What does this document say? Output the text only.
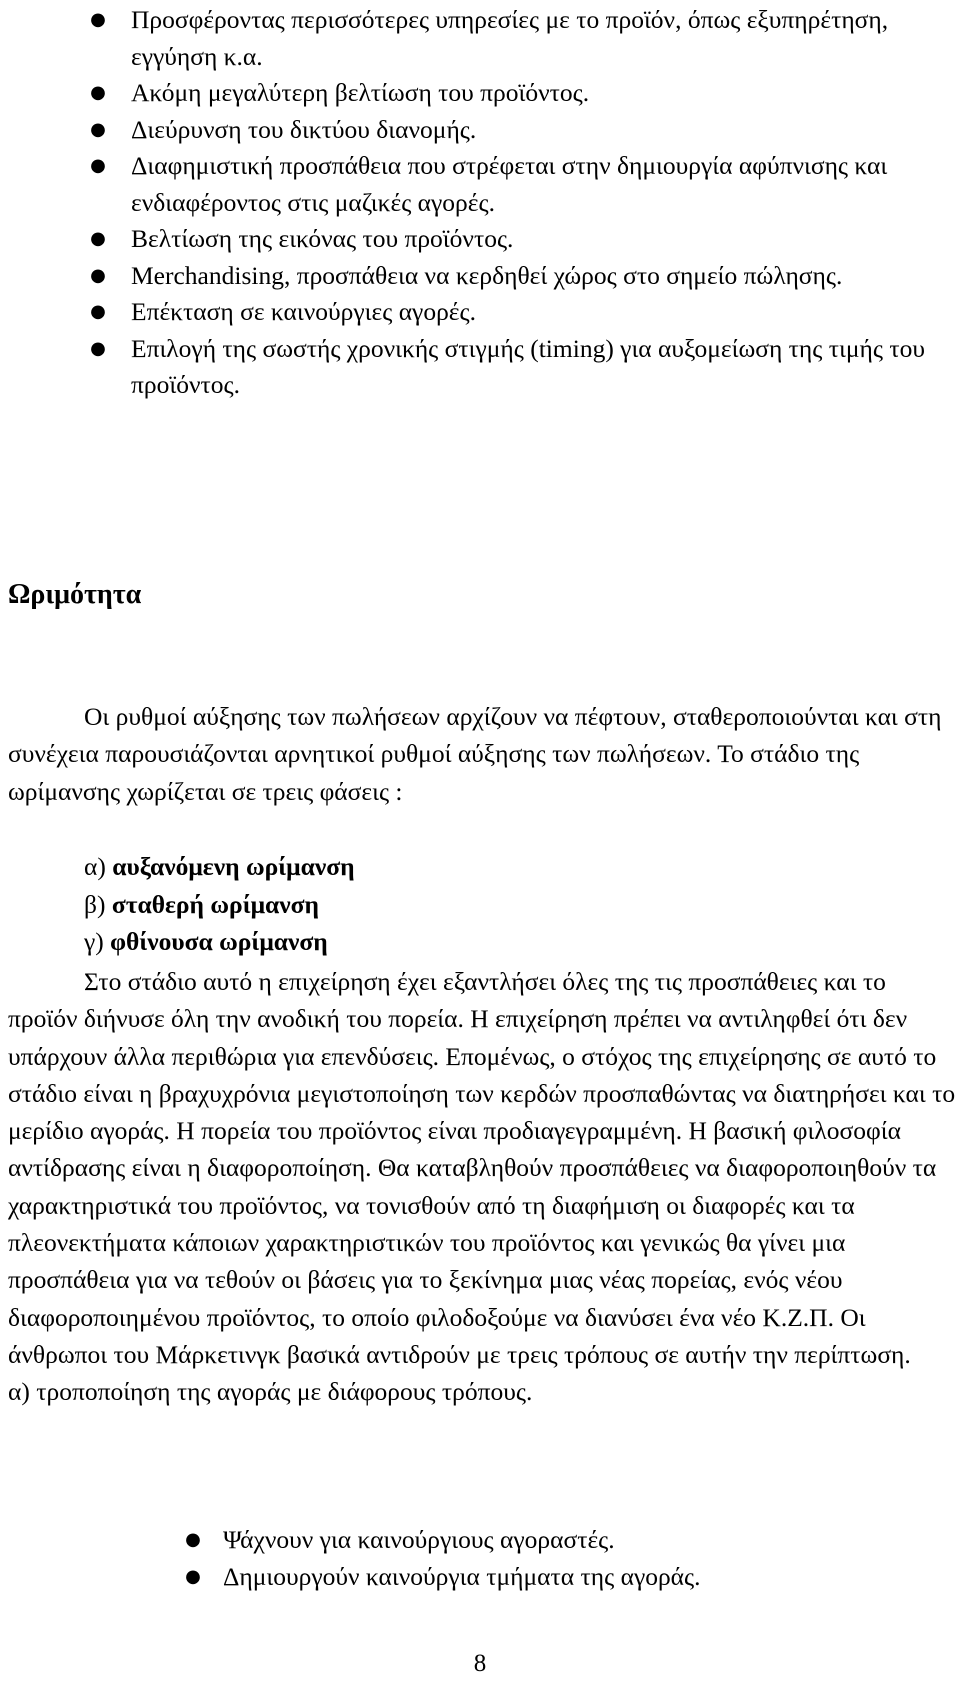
● Προσφέροντας περισσότερες υπηρεσίες με το προϊόν, όπως εξυπηρέτηση, εγγύηση κ.α.
● Ακόμη μεγαλύτερη βελτίωση του προϊόντος.
● Διεύρυνση του δικτύου διανομής.
● Διαφημιστική προσπάθεια που στρέφεται στην δημιουργία αφύπνισης και ενδιαφέροντος στις μαζικές αγορές.
● Βελτίωση της εικόνας του προϊόντος.
● Merchandising, προσπάθεια να κερδηθεί χώρος στο σημείο πώλησης.
● Επέκταση σε καινούργιες αγορές.
● Επιλογή της σωστής χρονικής στιγμής (timing) για αυξομείωση της τιμής του προϊόντος.
Ωριμότητα

Οι ρυθμοί αύξησης των πωλήσεων αρχίζουν να πέφτουν, σταθεροποιούνται και στη συνέχεια παρουσιάζονται αρνητικοί ρυθμοί αύξησης των πωλήσεων. Το στάδιο της ωρίμανσης χωρίζεται σε τρεις φάσεις :

α) αυξανόμενη ωρίμανση
β) σταθερή ωρίμανση
γ) φθίνουσα ωρίμανση

Στο στάδιο αυτό η επιχείρηση έχει εξαντλήσει όλες της τις προσπάθειες και το προϊόν διήνυσε όλη την ανοδική του πορεία. Η επιχείρηση πρέπει να αντιληφθεί ότι δεν υπάρχουν άλλα περιθώρια για επενδύσεις. Επομένως, ο στόχος της επιχείρησης σε αυτό το στάδιο είναι η βραχυχρόνια μεγιστοποίηση των κερδών προσπαθώντας να διατηρήσει και το μερίδιο αγοράς. Η πορεία του προϊόντος είναι προδιαγεγραμμένη. Η βασική φιλοσοφία αντίδρασης είναι η διαφοροποίηση. Θα καταβληθούν προσπάθειες να διαφοροποιηθούν τα χαρακτηριστικά του προϊόντος, να τονισθούν από τη διαφήμιση οι διαφορές και τα πλεονεκτήματα κάποιων χαρακτηριστικών του προϊόντος και γενικώς θα γίνει μια προσπάθεια για να τεθούν οι βάσεις για το ξεκίνημα μιας νέας πορείας, ενός νέου διαφοροποιημένου προϊόντος, το οποίο φιλοδοξούμε να διανύσει ένα νέο Κ.Ζ.Π. Οι άνθρωποι του Μάρκετινγκ βασικά αντιδρούν με τρεις τρόπους σε αυτήν την περίπτωση.
α) τροποποίηση της αγοράς με διάφορους τρόπους.

● Ψάχνουν για καινούργιους αγοραστές.
● Δημιουργούν καινούργια τμήματα της αγοράς.
8
